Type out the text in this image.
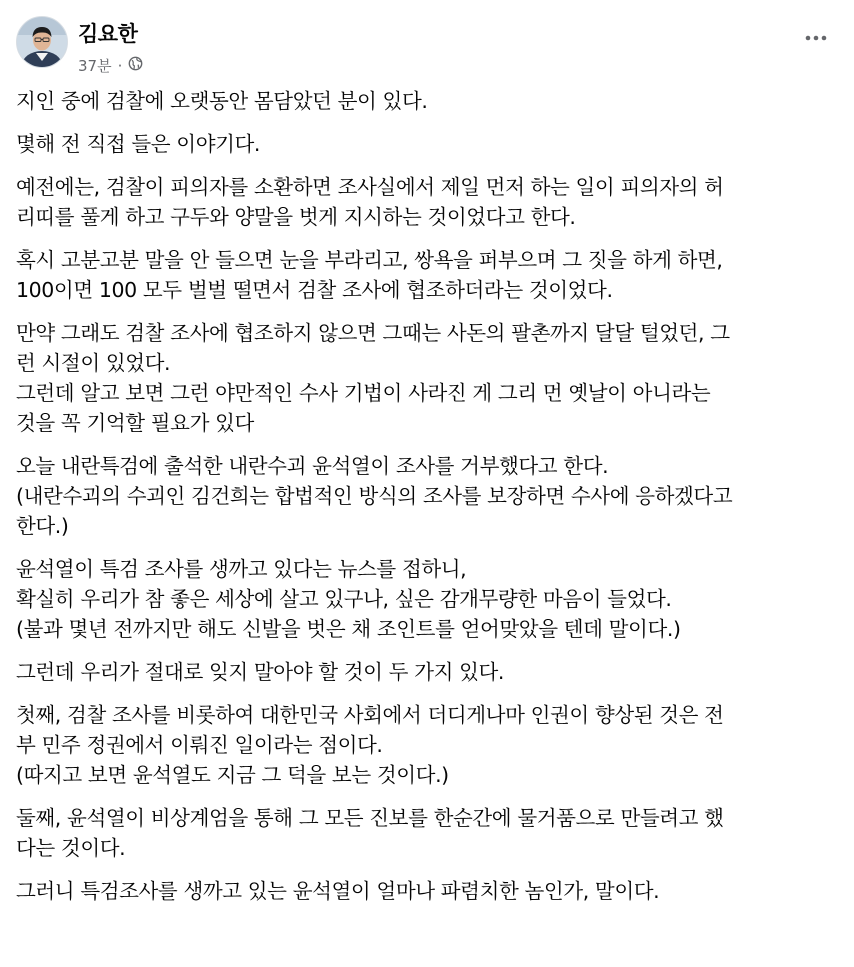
김요한
37분 ·

지인 중에 검찰에 오랫동안 몸담았던 분이 있다.

몇해 전 직접 들은 이야기다.

예전에는, 검찰이 피의자를 소환하면 조사실에서 제일 먼저 하는 일이 피의자의 허
리띠를 풀게 하고 구두와 양말을 벗게 지시하는 것이었다고 한다.

혹시 고분고분 말을 안 들으면 눈을 부라리고, 쌍욕을 퍼부으며 그 짓을 하게 하면,
100이면 100 모두 벌벌 떨면서 검찰 조사에 협조하더라는 것이었다.

만약 그래도 검찰 조사에 협조하지 않으면 그때는 사돈의 팔촌까지 달달 털었던, 그
런 시절이 있었다.
그런데 알고 보면 그런 야만적인 수사 기법이 사라진 게 그리 먼 옛날이 아니라는
것을 꼭 기억할 필요가 있다

오늘 내란특검에 출석한 내란수괴 윤석열이 조사를 거부했다고 한다.
(내란수괴의 수괴인 김건희는 합법적인 방식의 조사를 보장하면 수사에 응하겠다고
한다.)

윤석열이 특검 조사를 생까고 있다는 뉴스를 접하니,
확실히 우리가 참 좋은 세상에 살고 있구나, 싶은 감개무량한 마음이 들었다.
(불과 몇년 전까지만 해도 신발을 벗은 채 조인트를 얻어맞았을 텐데 말이다.)

그런데 우리가 절대로 잊지 말아야 할 것이 두 가지 있다.

첫째, 검찰 조사를 비롯하여 대한민국 사회에서 더디게나마 인권이 향상된 것은 전
부 민주 정권에서 이뤄진 일이라는 점이다.
(따지고 보면 윤석열도 지금 그 덕을 보는 것이다.)

둘째, 윤석열이 비상계엄을 통해 그 모든 진보를 한순간에 물거품으로 만들려고 했
다는 것이다.

그러니 특검조사를 생까고 있는 윤석열이 얼마나 파렴치한 놈인가, 말이다.
